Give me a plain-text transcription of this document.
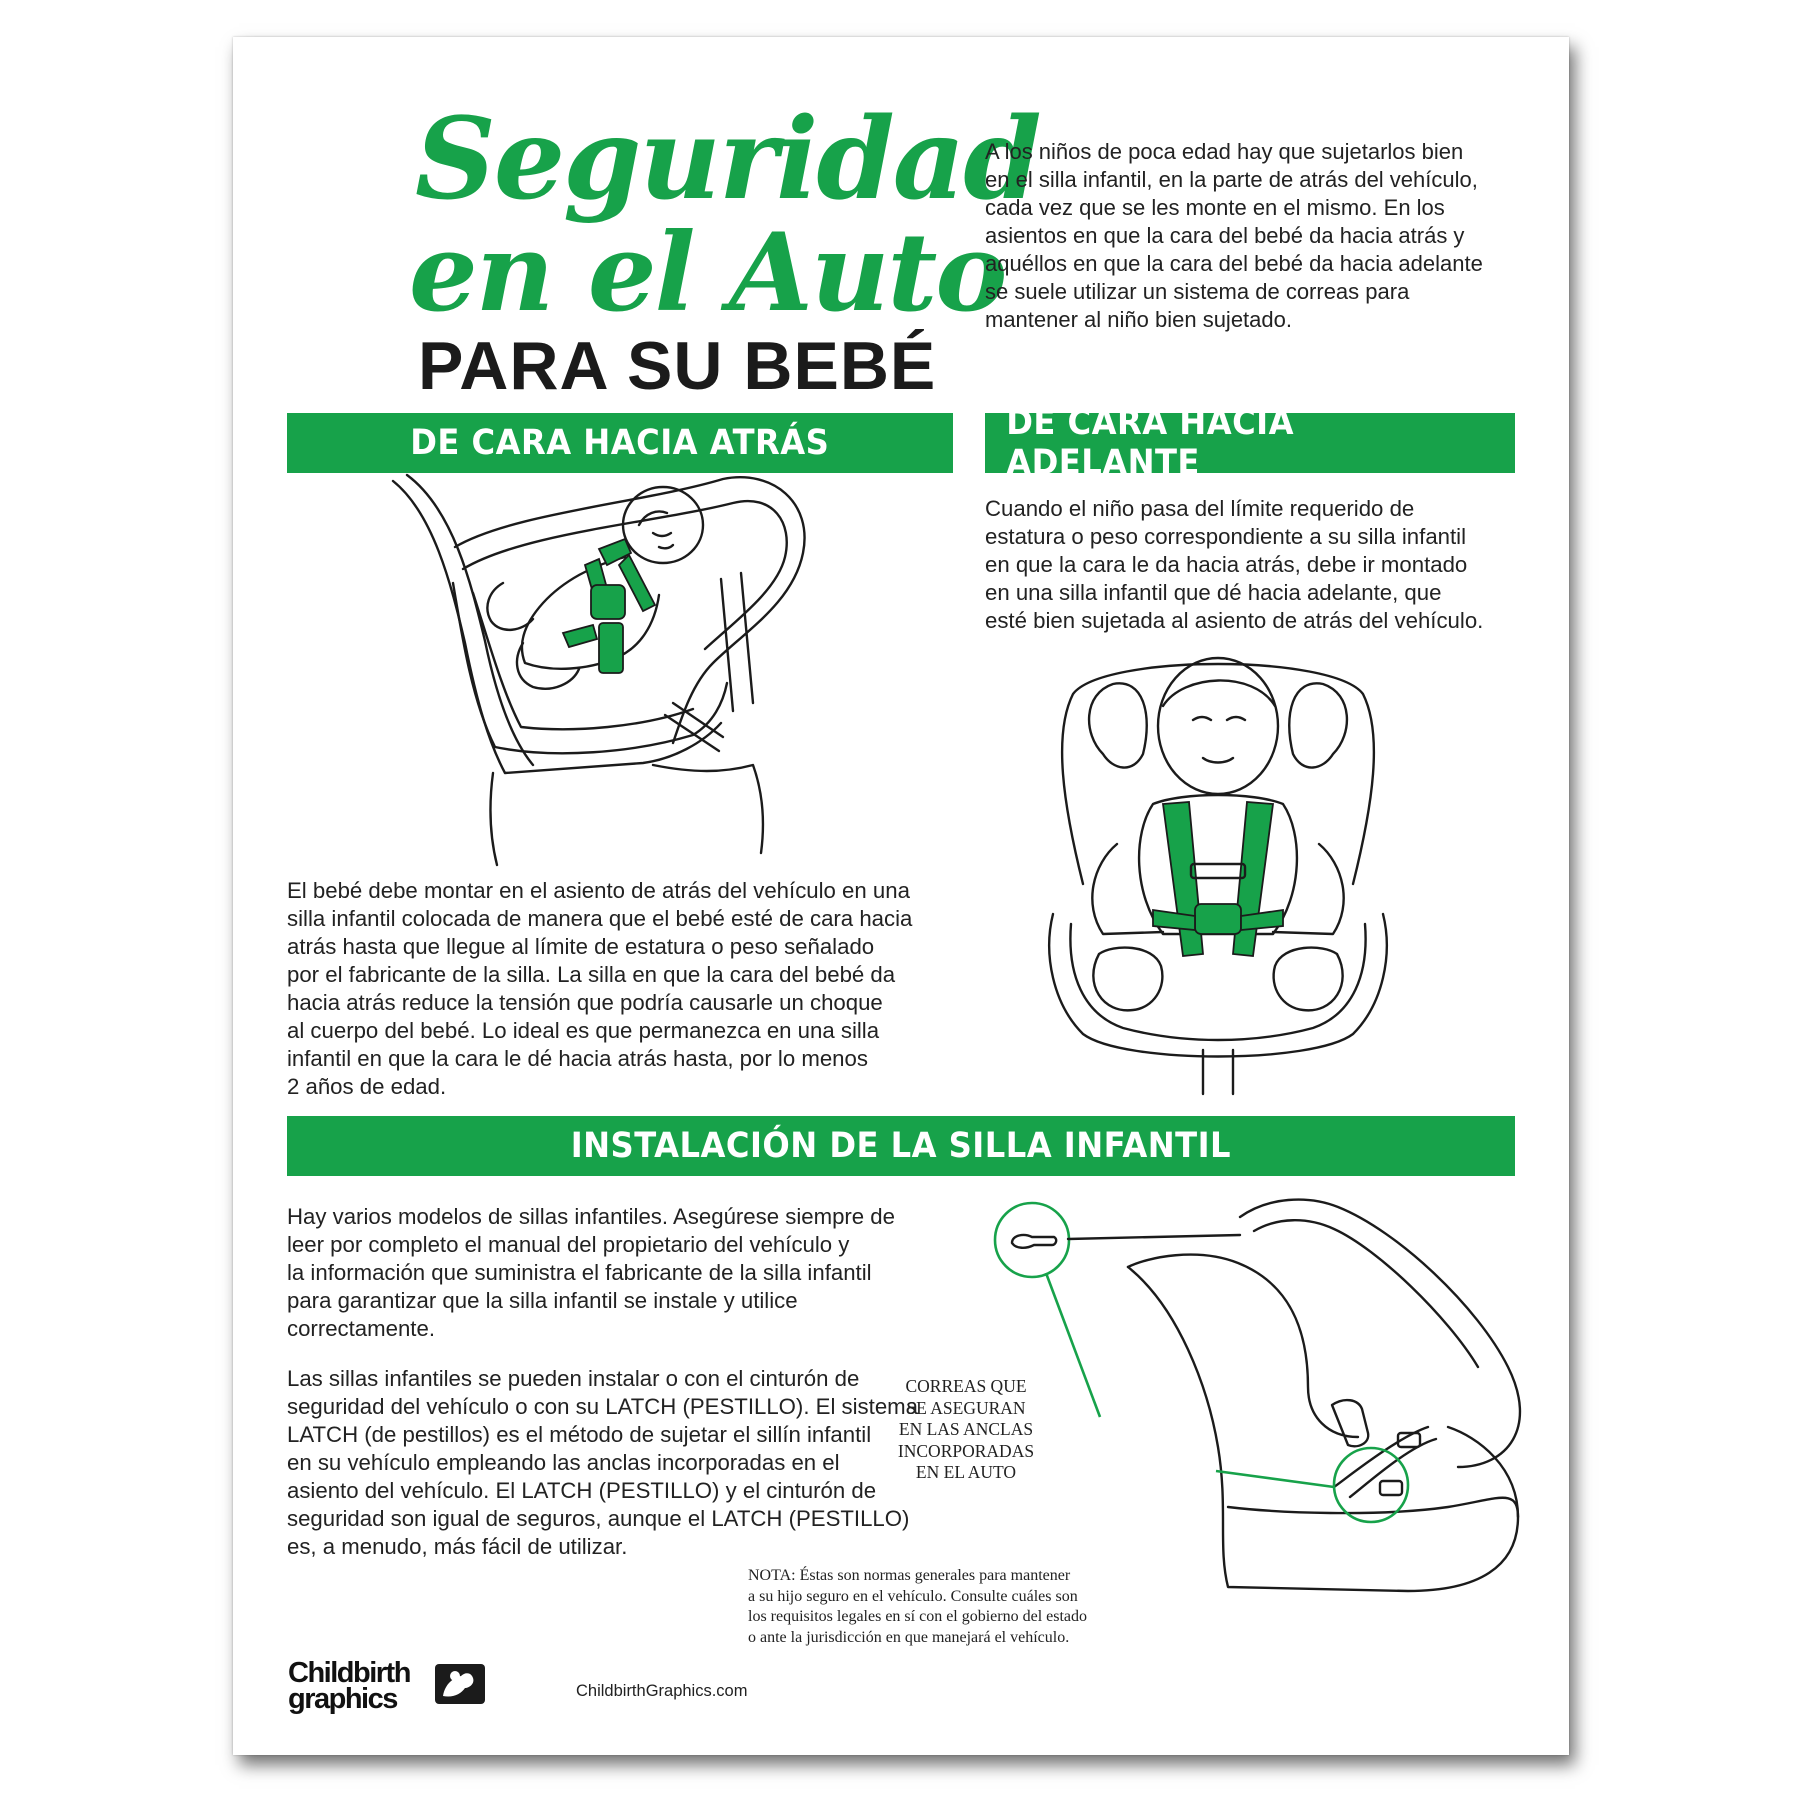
Seguridad
en el Auto
PARA SU BEBÉ
A los niños de poca edad hay que sujetarlos bien
en el silla infantil, en la parte de atrás del vehículo,
cada vez que se les monte en el mismo. En los
asientos en que la cara del bebé da hacia atrás y
aquéllos en que la cara del bebé da hacia adelante
se suele utilizar un sistema de correas para
mantener al niño bien sujetado.
DE CARA HACIA ATRÁS	DE CARA HACIA ADELANTE
El bebé debe montar en el asiento de atrás del vehículo en una
silla infantil colocada de manera que el bebé esté de cara hacia
atrás hasta que llegue al límite de estatura o peso señalado
por el fabricante de la silla. La silla en que la cara del bebé da
hacia atrás reduce la tensión que podría causarle un choque
al cuerpo del bebé. Lo ideal es que permanezca en una silla
infantil en que la cara le dé hacia atrás hasta, por lo menos
2 años de edad.
Cuando el niño pasa del límite requerido de
estatura o peso correspondiente a su silla infantil
en que la cara le da hacia atrás, debe ir montado
en una silla infantil que dé hacia adelante, que
esté bien sujetada al asiento de atrás del vehículo.
INSTALACIÓN DE LA SILLA INFANTIL
Hay varios modelos de sillas infantiles. Asegúrese siempre de
leer por completo el manual del propietario del vehículo y
la información que suministra el fabricante de la silla infantil
para garantizar que la silla infantil se instale y utilice
correctamente.
Las sillas infantiles se pueden instalar o con el cinturón de
seguridad del vehículo o con su LATCH (PESTILLO). El sistema
LATCH (de pestillos) es el método de sujetar el sillín infantil
en su vehículo empleando las anclas incorporadas en el
asiento del vehículo. El LATCH (PESTILLO) y el cinturón de
seguridad son igual de seguros, aunque el LATCH (PESTILLO)
es, a menudo, más fácil de utilizar.
CORREAS QUE
SE ASEGURAN
EN LAS ANCLAS
INCORPORADAS
EN EL AUTO
NOTA: Éstas son normas generales para mantener
a su hijo seguro en el vehículo. Consulte cuáles son
los requisitos legales en sí con el gobierno del estado
o ante la jurisdicción en que manejará el vehículo.
Childbirth
graphics	ChildbirthGraphics.com
